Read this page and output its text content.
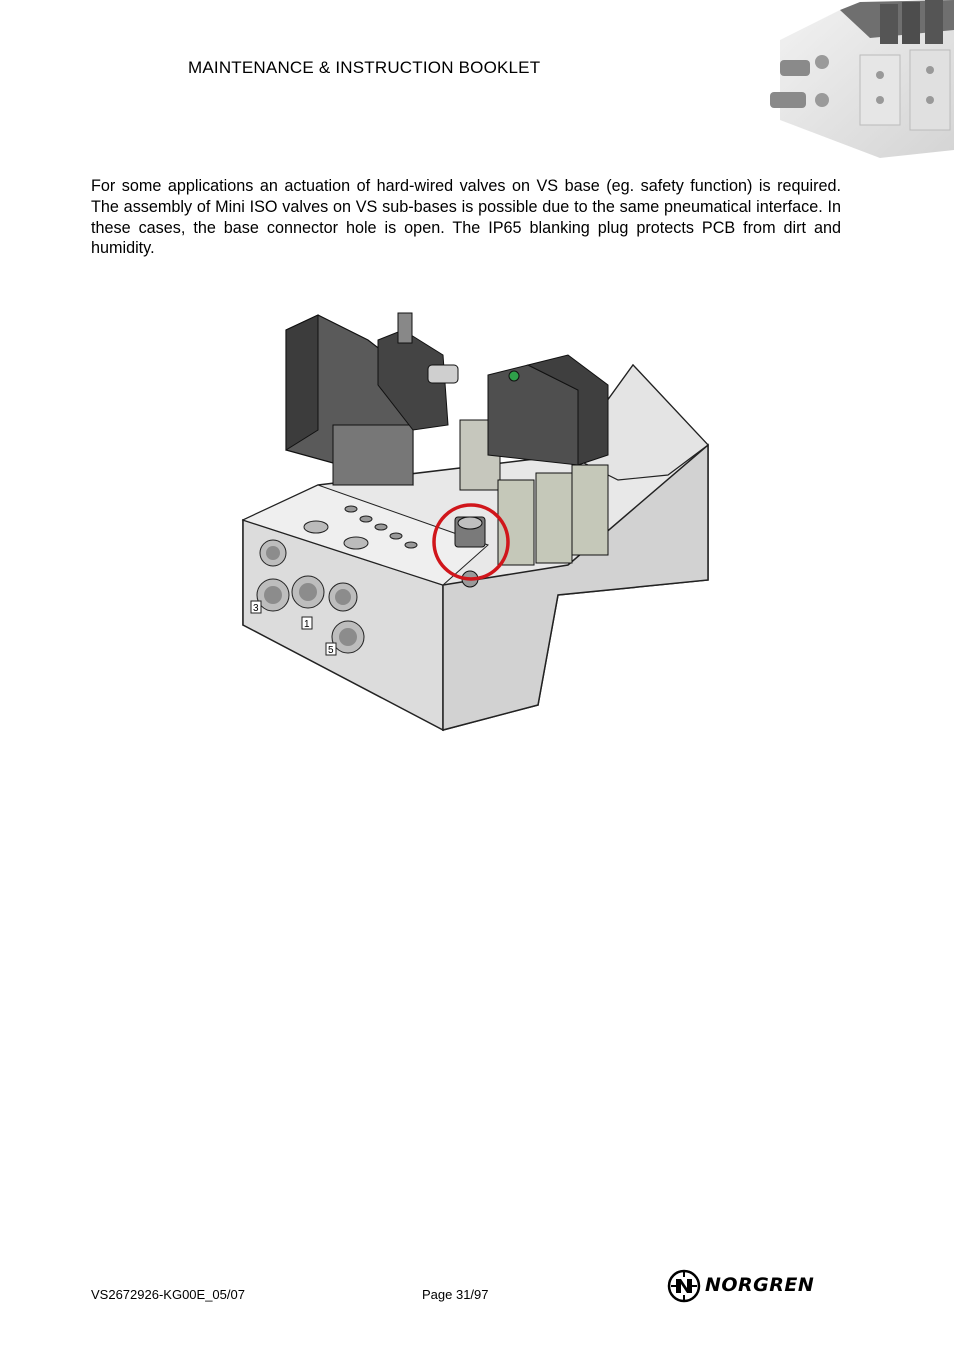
MAINTENANCE & INSTRUCTION BOOKLET
For some applications an actuation of hard-wired valves on VS base (eg. safety function) is required. The assembly of Mini ISO valves on VS sub-bases is possible due to the same pneumatical interface. In these cases, the base connector hole is open. The IP65 blanking plug protects PCB from dirt and humidity.
3
1
5
VS2672926-KG00E_05/07	Page 31/97	NORGREN
